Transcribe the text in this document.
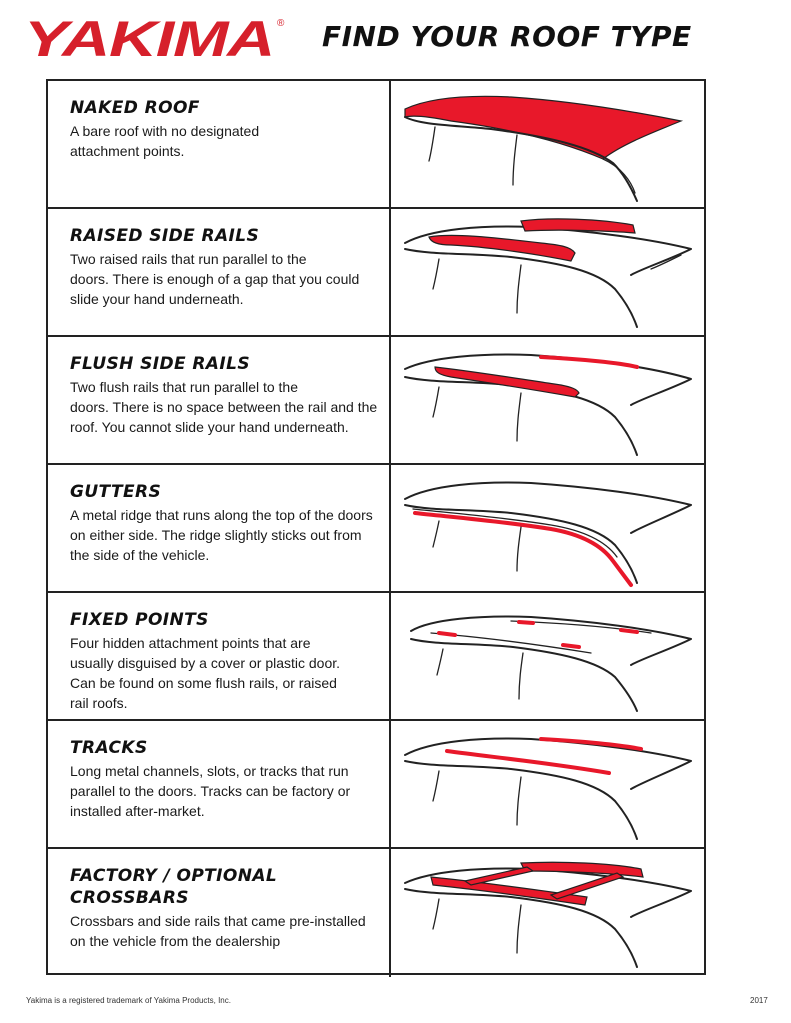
YAKIMA ® FIND YOUR ROOF TYPE
NAKED ROOF

A bare roof with no designated
attachment points.

RAISED SIDE RAILS

Two raised rails that run parallel to the
doors. There is enough of a gap that you could
slide your hand underneath.

FLUSH SIDE RAILS

Two flush rails that run parallel to the
doors. There is no space between the rail and the
roof. You cannot slide your hand underneath.

GUTTERS

A metal ridge that runs along the top of the doors
on either side. The ridge slightly sticks out from
the side of the vehicle.

FIXED POINTS

Four hidden attachment points that are
usually disguised by a cover or plastic door.
Can be found on some flush rails, or raised
rail roofs.

TRACKS

Long metal channels, slots, or tracks that run
parallel to the doors. Tracks can be factory or
installed after-market.

FACTORY / OPTIONAL
CROSSBARS

Crossbars and side rails that came pre-installed
on the vehicle from the dealership

Yakima is a registered trademark of Yakima Products, Inc.	2017
